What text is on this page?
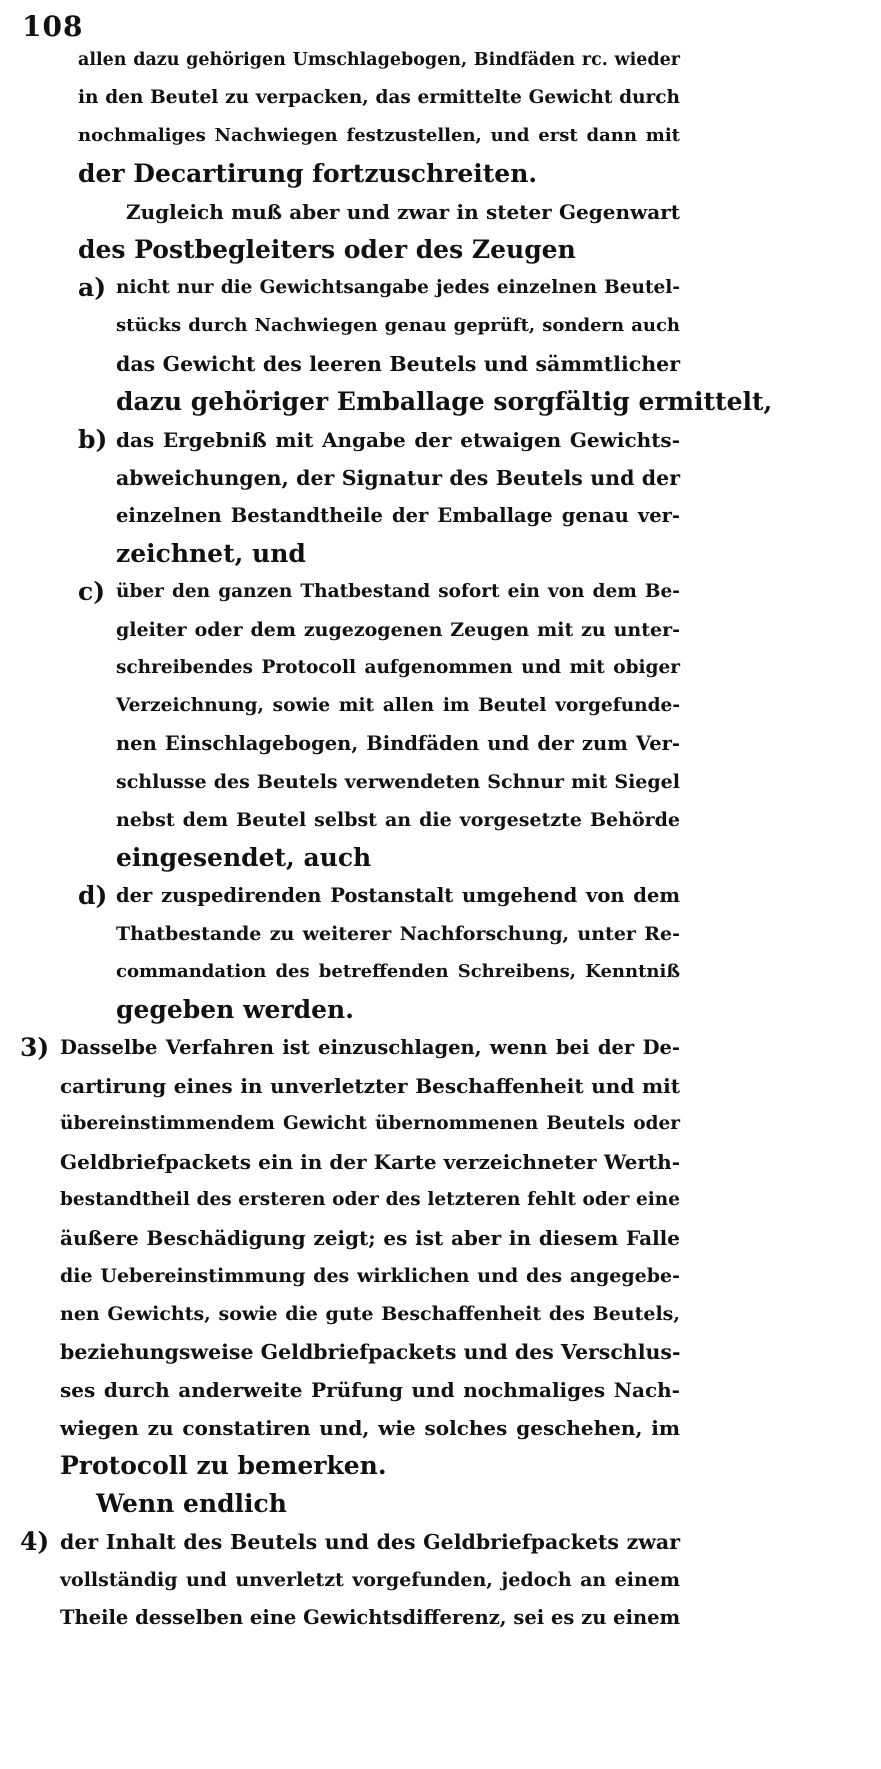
108
allen dazu gehörigen Umschlagebogen, Bindfäden rc. wieder
in den Beutel zu verpacken, das ermittelte Gewicht durch
nochmaliges Nachwiegen festzustellen, und erst dann mit
der Decartirung fortzuschreiten.
Zugleich muß aber und zwar in steter Gegenwart
des Postbegleiters oder des Zeugen
a) nicht nur die Gewichtsangabe jedes einzelnen Beutel-
stücks durch Nachwiegen genau geprüft, sondern auch
das Gewicht des leeren Beutels und sämmtlicher
dazu gehöriger Emballage sorgfältig ermittelt,
b) das Ergebniß mit Angabe der etwaigen Gewichts-
abweichungen, der Signatur des Beutels und der
einzelnen Bestandtheile der Emballage genau ver-
zeichnet, und
c) über den ganzen Thatbestand sofort ein von dem Be-
gleiter oder dem zugezogenen Zeugen mit zu unter-
schreibendes Protocoll aufgenommen und mit obiger
Verzeichnung, sowie mit allen im Beutel vorgefunde-
nen Einschlagebogen, Bindfäden und der zum Ver-
schlusse des Beutels verwendeten Schnur mit Siegel
nebst dem Beutel selbst an die vorgesetzte Behörde
eingesendet, auch
d) der zuspedirenden Postanstalt umgehend von dem
Thatbestande zu weiterer Nachforschung, unter Re-
commandation des betreffenden Schreibens, Kenntniß
gegeben werden.
3) Dasselbe Verfahren ist einzuschlagen, wenn bei der De-
cartirung eines in unverletzter Beschaffenheit und mit
übereinstimmendem Gewicht übernommenen Beutels oder
Geldbriefpackets ein in der Karte verzeichneter Werth-
bestandtheil des ersteren oder des letzteren fehlt oder eine
äußere Beschädigung zeigt; es ist aber in diesem Falle
die Uebereinstimmung des wirklichen und des angegebe-
nen Gewichts, sowie die gute Beschaffenheit des Beutels,
beziehungsweise Geldbriefpackets und des Verschlus-
ses durch anderweite Prüfung und nochmaliges Nach-
wiegen zu constatiren und, wie solches geschehen, im
Protocoll zu bemerken.
Wenn endlich
4) der Inhalt des Beutels und des Geldbriefpackets zwar
vollständig und unverletzt vorgefunden, jedoch an einem
Theile desselben eine Gewichtsdifferenz, sei es zu einem
